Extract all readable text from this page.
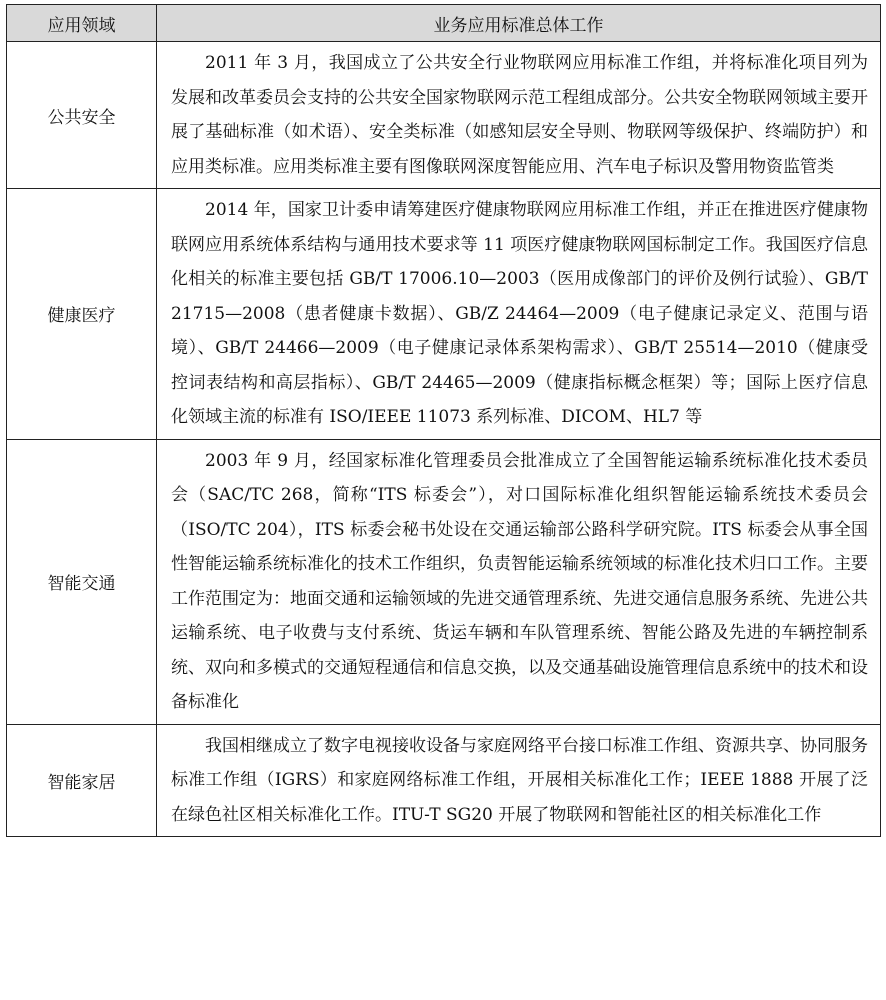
应用领域	业务应用标准总体工作
公共安全	2011 年 3 月，我国成立了公共安全行业物联网应用标准工作组，并将标准化项目列为发展和改革委员会支持的公共安全国家物联网示范工程组成部分。公共安全物联网领域主要开展了基础标准（如术语）、安全类标准（如感知层安全导则、物联网等级保护、终端防护）和应用类标准。应用类标准主要有图像联网深度智能应用、汽车电子标识及警用物资监管类

健康医疗	2014 年，国家卫计委申请筹建医疗健康物联网应用标准工作组，并正在推进医疗健康物联网应用系统体系结构与通用技术要求等 11 项医疗健康物联网国标制定工作。我国医疗信息化相关的标准主要包括 GB/T 17006.10—2003（医用成像部门的评价及例行试验）、GB/T 21715—2008（患者健康卡数据）、GB/Z 24464—2009（电子健康记录定义、范围与语境）、GB/T 24466—2009（电子健康记录体系架构需求）、GB/T 25514—2010（健康受控词表结构和高层指标）、GB/T 24465—2009（健康指标概念框架）等；国际上医疗信息化领域主流的标准有 ISO/IEEE 11073 系列标准、DICOM、HL7 等

智能交通	2003 年 9 月，经国家标准化管理委员会批准成立了全国智能运输系统标准化技术委员会（SAC/TC 268，简称“ITS 标委会”），对口国际标准化组织智能运输系统技术委员会（ISO/TC 204），ITS 标委会秘书处设在交通运输部公路科学研究院。ITS 标委会从事全国性智能运输系统标准化的技术工作组织，负责智能运输系统领域的标准化技术归口工作。主要工作范围定为：地面交通和运输领域的先进交通管理系统、先进交通信息服务系统、先进公共运输系统、电子收费与支付系统、货运车辆和车队管理系统、智能公路及先进的车辆控制系统、双向和多模式的交通短程通信和信息交换，以及交通基础设施管理信息系统中的技术和设备标准化

智能家居	我国相继成立了数字电视接收设备与家庭网络平台接口标准工作组、资源共享、协同服务标准工作组（IGRS）和家庭网络标准工作组，开展相关标准化工作；IEEE 1888 开展了泛在绿色社区相关标准化工作。ITU-T SG20 开展了物联网和智能社区的相关标准化工作
